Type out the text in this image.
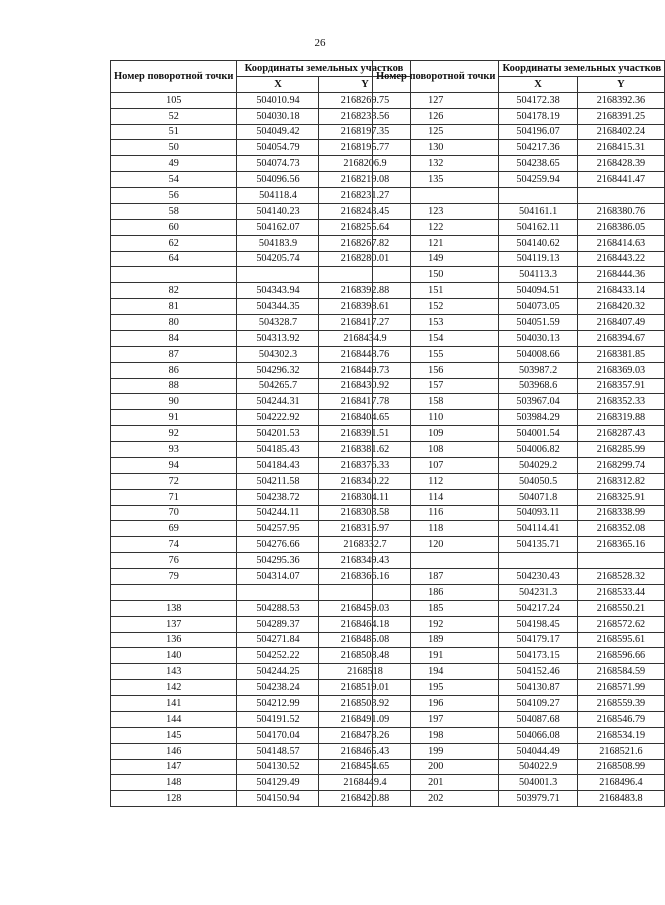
26
Номер поворотной точки	Координаты земельных участков	
	X	Y
105	504010.94	2168269.75
52	504030.18	2168233.56
51	504049.42	2168197.35
50	504054.79	2168195.77
49	504074.73	2168206.9
54	504096.56	2168219.08
56	504118.4	2168231.27
58	504140.23	2168243.45
60	504162.07	2168255.64
62	504183.9	2168267.82
64	504205.74	2168280.01

82	504343.94	2168392.88
81	504344.35	2168398.61
80	504328.7	2168417.27
84	504313.92	2168434.9
87	504302.3	2168448.76
86	504296.32	2168449.73
88	504265.7	2168430.92
90	504244.31	2168417.78
91	504222.92	2168404.65
92	504201.53	2168391.51
93	504185.43	2168381.62
94	504184.43	2168376.33
72	504211.58	2168340.22
71	504238.72	2168304.11
70	504244.11	2168303.58
69	504257.95	2168315.97
74	504276.66	2168332.7
76	504295.36	2168349.43
79	504314.07	2168366.16

138	504288.53	2168459.03
137	504289.37	2168464.18
136	504271.84	2168485.08
140	504252.22	2168508.48
143	504244.25	2168518
142	504238.24	2168519.01
141	504212.99	2168503.92
144	504191.52	2168491.09
145	504170.04	2168478.26
146	504148.57	2168465.43
147	504130.52	2168454.65
148	504129.49	2168449.4
128	504150.94	2168420.88
Номер поворотной точки	Координаты земельных участков	
	X	Y
127	504172.38	2168392.36
126	504178.19	2168391.25
125	504196.07	2168402.24
130	504217.36	2168415.31
132	504238.65	2168428.39
135	504259.94	2168441.47

123	504161.1	2168380.76
122	504162.11	2168386.05
121	504140.62	2168414.63
149	504119.13	2168443.22
150	504113.3	2168444.36
151	504094.51	2168433.14
152	504073.05	2168420.32
153	504051.59	2168407.49
154	504030.13	2168394.67
155	504008.66	2168381.85
156	503987.2	2168369.03
157	503968.6	2168357.91
158	503967.04	2168352.33
110	503984.29	2168319.88
109	504001.54	2168287.43
108	504006.82	2168285.99
107	504029.2	2168299.74
112	504050.5	2168312.82
114	504071.8	2168325.91
116	504093.11	2168338.99
118	504114.41	2168352.08
120	504135.71	2168365.16

187	504230.43	2168528.32
186	504231.3	2168533.44
185	504217.24	2168550.21
192	504198.45	2168572.62
189	504179.17	2168595.61
191	504173.15	2168596.66
194	504152.46	2168584.59
195	504130.87	2168571.99
196	504109.27	2168559.39
197	504087.68	2168546.79
198	504066.08	2168534.19
199	504044.49	2168521.6
200	504022.9	2168508.99
201	504001.3	2168496.4
202	503979.71	2168483.8
